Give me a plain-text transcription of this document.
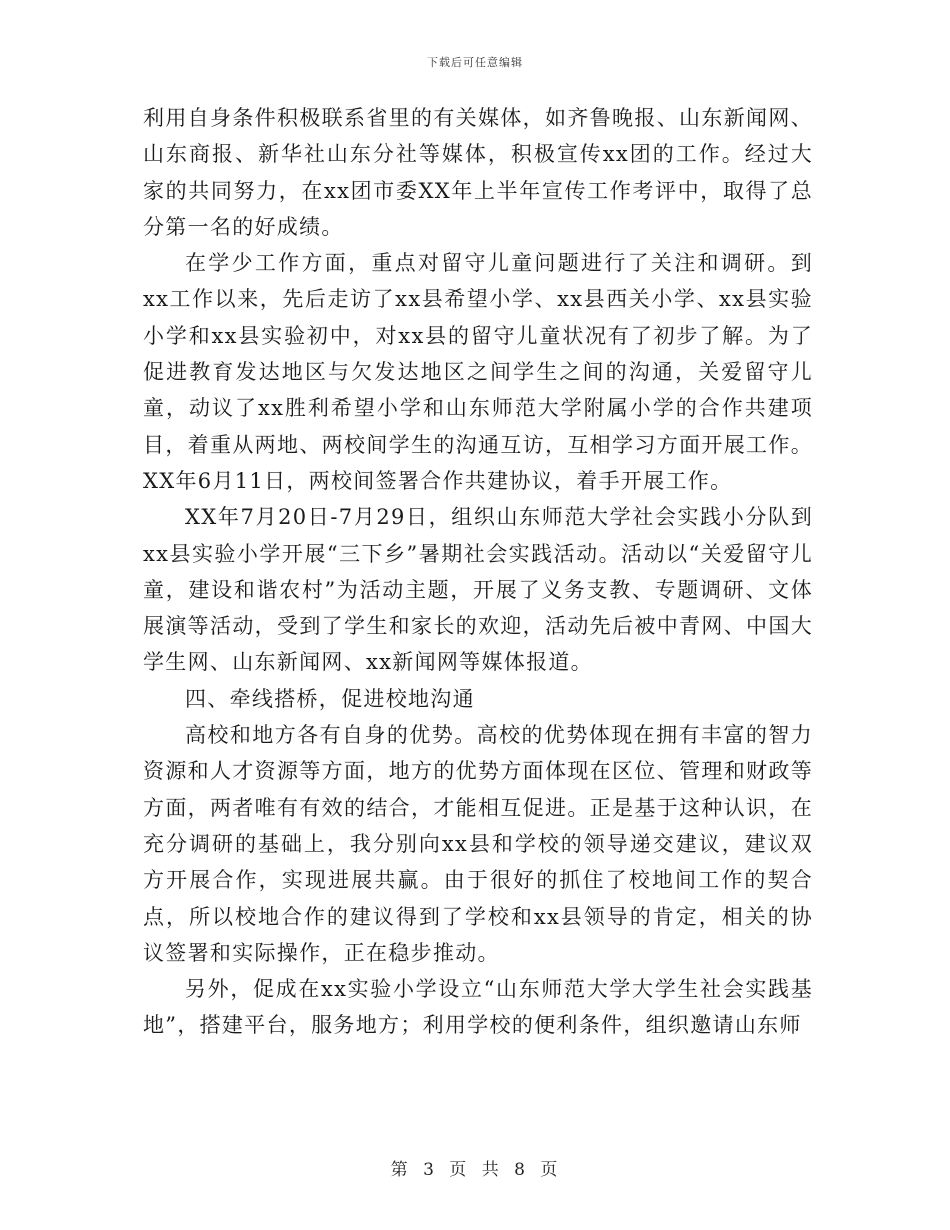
下载后可任意编辑

利用自身条件积极联系省里的有关媒体，如齐鲁晚报、山东新闻网、山东商报、新华社山东分社等媒体，积极宣传xx团的工作。经过大家的共同努力，在xx团市委XX年上半年宣传工作考评中，取得了总分第一名的好成绩。

在学少工作方面，重点对留守儿童问题进行了关注和调研。到xx工作以来，先后走访了xx县希望小学、xx县西关小学、xx县实验小学和xx县实验初中，对xx县的留守儿童状况有了初步了解。为了促进教育发达地区与欠发达地区之间学生之间的沟通，关爱留守儿童，动议了xx胜利希望小学和山东师范大学附属小学的合作共建项目，着重从两地、两校间学生的沟通互访，互相学习方面开展工作。XX年6月11日，两校间签署合作共建协议，着手开展工作。

XX年7月20日-7月29日，组织山东师范大学社会实践小分队到xx县实验小学开展“三下乡”暑期社会实践活动。活动以“关爱留守儿童，建设和谐农村”为活动主题，开展了义务支教、专题调研、文体展演等活动，受到了学生和家长的欢迎，活动先后被中青网、中国大学生网、山东新闻网、xx新闻网等媒体报道。

四、牵线搭桥，促进校地沟通

高校和地方各有自身的优势。高校的优势体现在拥有丰富的智力资源和人才资源等方面，地方的优势方面体现在区位、管理和财政等方面，两者唯有有效的结合，才能相互促进。正是基于这种认识，在充分调研的基础上，我分别向xx县和学校的领导递交建议，建议双方开展合作，实现进展共赢。由于很好的抓住了校地间工作的契合点，所以校地合作的建议得到了学校和xx县领导的肯定，相关的协议签署和实际操作，正在稳步推动。

另外，促成在xx实验小学设立“山东师范大学大学生社会实践基地”，搭建平台，服务地方；利用学校的便利条件，组织邀请山东师

第 3 页 共 8 页
